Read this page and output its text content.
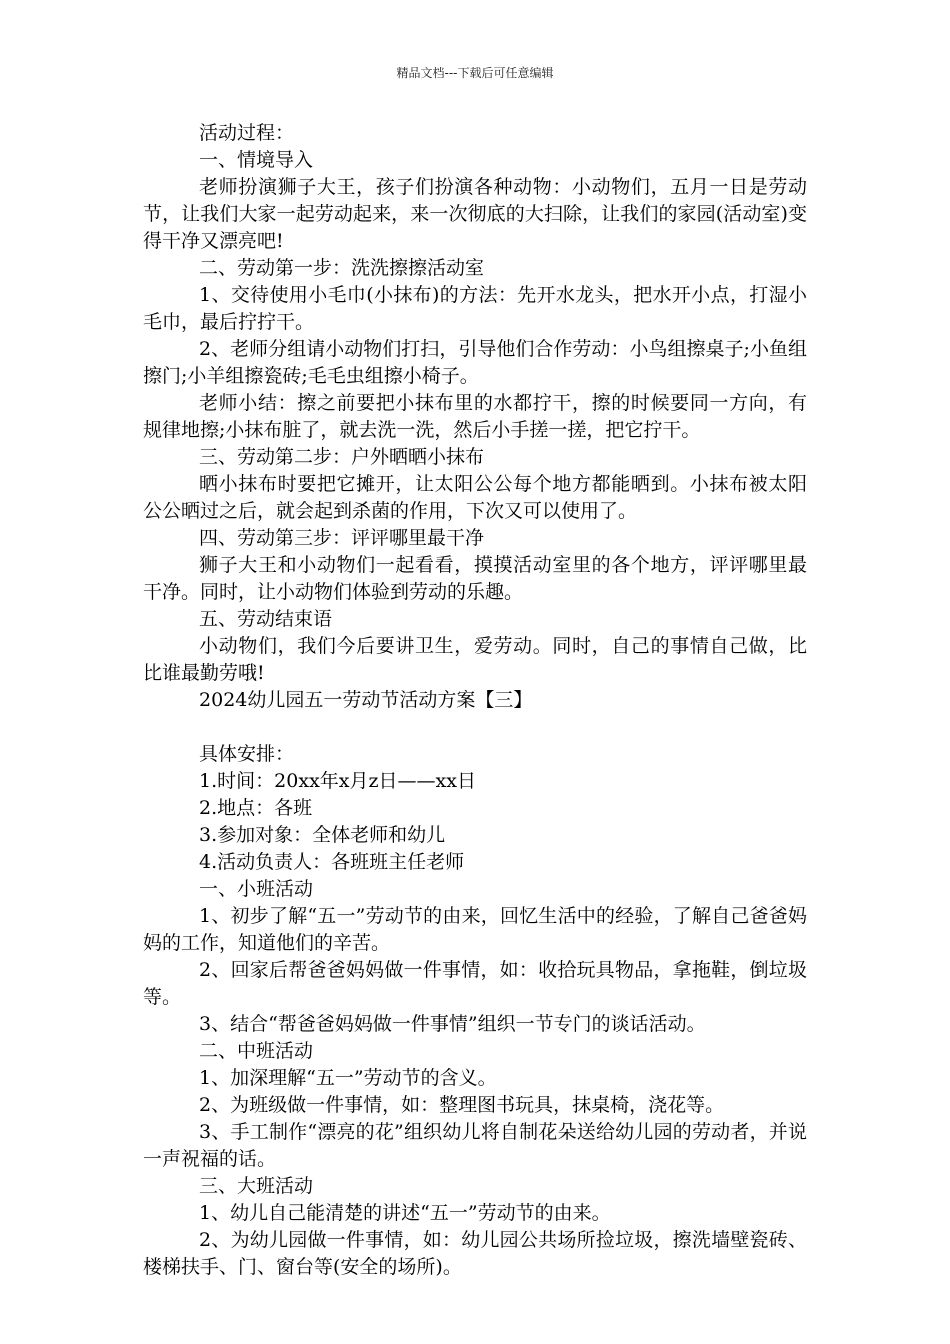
精品文档---下载后可任意编辑

活动过程：

一、情境导入

老师扮演狮子大王，孩子们扮演各种动物：小动物们，五月一日是劳动节，让我们大家一起劳动起来，来一次彻底的大扫除，让我们的家园(活动室)变得干净又漂亮吧!

二、劳动第一步：洗洗擦擦活动室

1、交待使用小毛巾(小抹布)的方法：先开水龙头，把水开小点，打湿小毛巾，最后拧拧干。

2、老师分组请小动物们打扫，引导他们合作劳动：小鸟组擦桌子;小鱼组擦门;小羊组擦瓷砖;毛毛虫组擦小椅子。

老师小结：擦之前要把小抹布里的水都拧干，擦的时候要同一方向，有规律地擦;小抹布脏了，就去洗一洗，然后小手搓一搓，把它拧干。

三、劳动第二步：户外晒晒小抹布

晒小抹布时要把它摊开，让太阳公公每个地方都能晒到。小抹布被太阳公公晒过之后，就会起到杀菌的作用，下次又可以使用了。

四、劳动第三步：评评哪里最干净

狮子大王和小动物们一起看看，摸摸活动室里的各个地方，评评哪里最干净。同时，让小动物们体验到劳动的乐趣。

五、劳动结束语

小动物们，我们今后要讲卫生，爱劳动。同时，自己的事情自己做，比比谁最勤劳哦!

2024幼儿园五一劳动节活动方案【三】

具体安排：

1.时间：20xx年x月z日——xx日

2.地点：各班

3.参加对象：全体老师和幼儿

4.活动负责人：各班班主任老师

一、小班活动

1、初步了解“五一”劳动节的由来，回忆生活中的经验，了解自己爸爸妈妈的工作，知道他们的辛苦。

2、回家后帮爸爸妈妈做一件事情，如：收拾玩具物品，拿拖鞋，倒垃圾等。

3、结合“帮爸爸妈妈做一件事情”组织一节专门的谈话活动。

二、中班活动

1、加深理解“五一”劳动节的含义。

2、为班级做一件事情，如：整理图书玩具，抹桌椅，浇花等。

3、手工制作“漂亮的花”组织幼儿将自制花朵送给幼儿园的劳动者，并说一声祝福的话。

三、大班活动

1、幼儿自己能清楚的讲述“五一”劳动节的由来。

2、为幼儿园做一件事情，如：幼儿园公共场所捡垃圾，擦洗墙壁瓷砖、楼梯扶手、门、窗台等(安全的场所)。
